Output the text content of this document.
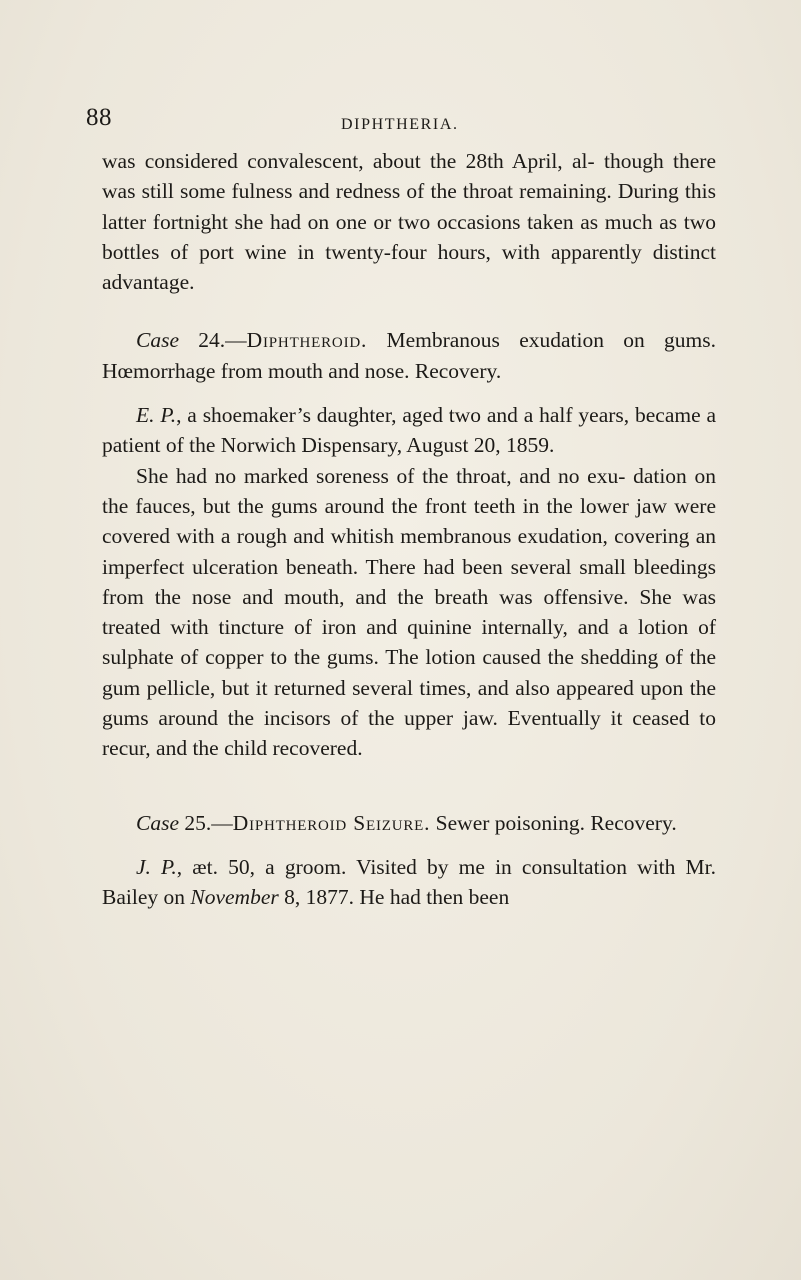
88	DIPHTHERIA.

was considered convalescent, about the 28th April, al- though there was still some fulness and redness of the throat remaining. During this latter fortnight she had on one or two occasions taken as much as two bottles of port wine in twenty-four hours, with apparently distinct advantage.

Case 24.—Diphtheroid. Membranous exudation on gums. Hœmorrhage from mouth and nose. Recovery.

E. P., a shoemaker’s daughter, aged two and a half years, became a patient of the Norwich Dispensary, August 20, 1859.

She had no marked soreness of the throat, and no exu- dation on the fauces, but the gums around the front teeth in the lower jaw were covered with a rough and whitish membranous exudation, covering an imperfect ulceration beneath. There had been several small bleedings from the nose and mouth, and the breath was offensive. She was treated with tincture of iron and quinine internally, and a lotion of sulphate of copper to the gums. The lotion caused the shedding of the gum pellicle, but it returned several times, and also appeared upon the gums around the incisors of the upper jaw. Eventually it ceased to recur, and the child recovered.

Case 25.—Diphtheroid Seizure. Sewer poisoning. Recovery.

J. P., æt. 50, a groom. Visited by me in consultation with Mr. Bailey on November 8, 1877. He had then been
